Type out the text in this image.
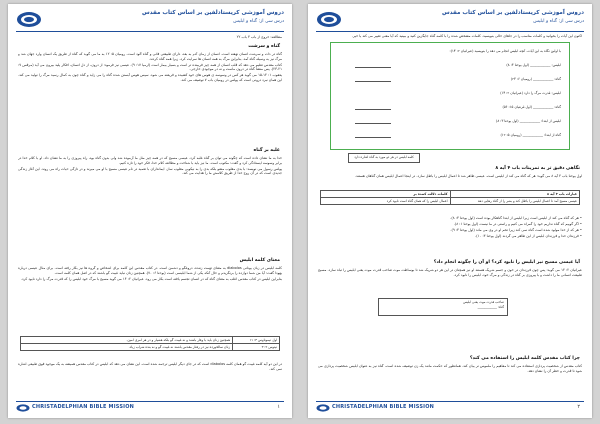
دروس آموزشی کریستادلفین بر اساس کتاب مقدس
درس سی از: گناه و ابلیس

مطالعه: خروج از باب ۳ باب ۲۲

گناه و سرشت

گناه در ذات و سرشت انسان نهفته است. انسان از زمان آدم به بعد، دارای طبیعتی فانی و گناه آلود است. رومیان ۵: ۱۲ به ما می گوید که گناه از طریق یک انسان وارد جهان شد و مرگ نیز به وسیله گناه آمد. بنابراین مرگ به همه انسان ها سرایت کرد، زیرا همه گناه کردند.

کتاب مقدس تعلیم می دهد که قلب انسان از همه چیز فریبنده تر است و بسیار بیمار است (ارمیا ۱۷: ۹). عیسی نیز فرمود: از درون، از دل انسان، افکار پلید بیرون می آید (مرقس ۷: ۲۱-۲۳). پس منشأ گناه در درون ماست و نه در موجودی خارجی.

یعقوب ۱: ۱۴-۱۵ می گوید هر کس در وسوسه ی هوس های خود کشیده و فریفته می شود. سپس هوس آبستن شده گناه را می زاید و گناه چون به کمال رسید مرگ را تولید می کند. این همان نبرد درونی است که پولس در رومیان باب ۷ توصیف می کند.

غلبه بر گناه

خدا به ما نشان داده است که چگونه می توان بر گناه غلبه کرد. عیسی مسیح که در همه چیز مثل ما آزموده شد ولی بدون گناه بود، راه پیروزی را به ما نشان داد. او با کلام خدا در برابر وسوسه ایستادگی کرد و گفت: مکتوب است. ما نیز باید با شناخت و مطالعه کلام خدا، فکر خود را تازه کنیم.

پولس رسول می نویسد: با بدی مغلوب مشو بلکه بدی را به نیکویی مغلوب ساز. ایمانداران با تعمید در نام عیسی مسیح با او می میرند و در تازگی حیات راه می روند. این آغاز زندگی جدیدی است که در آن روح خدا از طریق کلامش ما را هدایت می کند.

معنای کلمه ابلیس

کلمه ابلیس در زبان یونانی diabolos به معنای تهمت زننده، دروغگو و دشمن است. در کتاب مقدس این کلمه برای اشخاص و گروه ها نیز بکار رفته است. برای مثال عیسی درباره یهودا گفت: آیا من شما دوازده را برنگزیدم و حال آنکه یکی از شما ابلیسی است (یوحنا ۶: ۷۰). همچنین زنان نباید غیبت گو باشند که در اصل همان کلمه است.

بنابراین ابلیس در کتاب مقدس اغلب به معنای گناه که در انسان تجسم یافته است بکار می رود. عبرانیان ۲: ۱۴ می گوید مسیح با مرگ خود ابلیس را که قدرت مرگ را دارد نابود کرد.

اول تیموتاوس ۳: ۱۱	همچنین زنان باید با وقار باشند و نه غیبت گو بلکه هشیار و در هر امری امین.
تیتوس ۲: ۳	زنان سالخورده نیز در رفتار مقدس باشند نه غیبت گو و نه بنده شراب زیاد.

در این دو آیه کلمه غیبت گو همان کلمه diabolos است که در جای دیگر ابلیس ترجمه شده است. این نشان می دهد که ابلیس در کتاب مقدس همیشه به یک موجود فوق طبیعی اشاره نمی کند.

CHRISTADELPHIAN BIBLE MISSION	۱
دروس آموزشی کریستادلفین بر اساس کتاب مقدس
درس سی از: گناه و ابلیس

اکنون این آیات را بخوانید و کلمات مناسب را در جاهای خالی بنویسید. کلمات مشخص شده را با کلمه گناه جایگزین کنید و ببینید که آیا معنی تغییر می کند یا خیر.

با اولین نگاه به این آیات، آنچه ابلیس انجام می دهد را بنویسید (عبرانیان ۲: ۱۴):
ابلیس: ____________ (اول یوحنا ۳: ۸)
گناه: ____________ (رومیان ۶: ۲۳)
ابلیس: قدرت مرگ را دارد (عبرانیان ۲: ۱۴)
گناه: ____________ (اول قرنتیان ۱۵: ۵۶)
ابلیس از ابتدا: ____________ (اول یوحنا ۳: ۸)
گناه از ابتدا: ____________ (رومیان ۵: ۱۲)
کلمه ابلیس در هر دو مورد به گناه اشاره دارد
نگاهی دقیق تر به تمرینات باب ۴ آیه ۸

اول یوحنا باب ۴ آیه ۸ می گوید: هر که گناه می کند از ابلیس است. عیسی ظاهر شد تا اعمال ابلیس را باطل سازد. در اینجا اعمال ابلیس همان گناهان هستند.

عبارات باب ۴ آیه ۸	کلمات دلالت کننده بر
عیسی مسیح آمد تا اعمال ابلیس را باطل کند و بشر را از گناه رهایی دهد	اعمال ابلیس را که همان گناه است نابود کرد

• هر که گناه می کند از ابلیس است زیرا ابلیس از ابتدا گناهکار بوده است (اول یوحنا ۳: ۸).

• اگر گوییم که گناه نداریم خود را گمراه می کنیم و راستی در ما نیست (اول یوحنا ۱: ۸).

• هر که از خدا مولود شده است گناه نمی کند زیرا تخم او در وی می ماند (اول یوحنا ۳: ۹).

• فرزندان خدا و فرزندان ابلیس از این ظاهر می گردند (اول یوحنا ۳: ۱۰).

آیا عیسی مسیح نیز ابلیس را نابود کرد؟ او آن را چگونه انجام داد؟

عبرانیان ۲: ۱۴ می گوید: پس چون فرزندان در خون و جسم شریک هستند او نیز همچنان در این هر دو شریک شد تا بوساطت موت صاحب قدرت موت یعنی ابلیس را تباه سازد. مسیح طبیعت انسانی ما را داشت و با پیروزی بر گناه در زندگی و مرگ خود، ابلیس را نابود کرد.

صاحب قدرت موت یعنی ابلیس
گناه: ____________
چرا کتاب مقدس کلمه ابلیس را استفاده می کند؟

کتاب مقدس از شخصیت پردازی استفاده می کند تا مفاهیم را ملموس تر بیان کند. همانطور که حکمت مانند یک زن توصیف شده است، گناه نیز به عنوان ابلیس شخصیت پردازی می شود تا قدرت و خطر آن را نشان دهد.

CHRISTADELPHIAN BIBLE MISSION	۲
